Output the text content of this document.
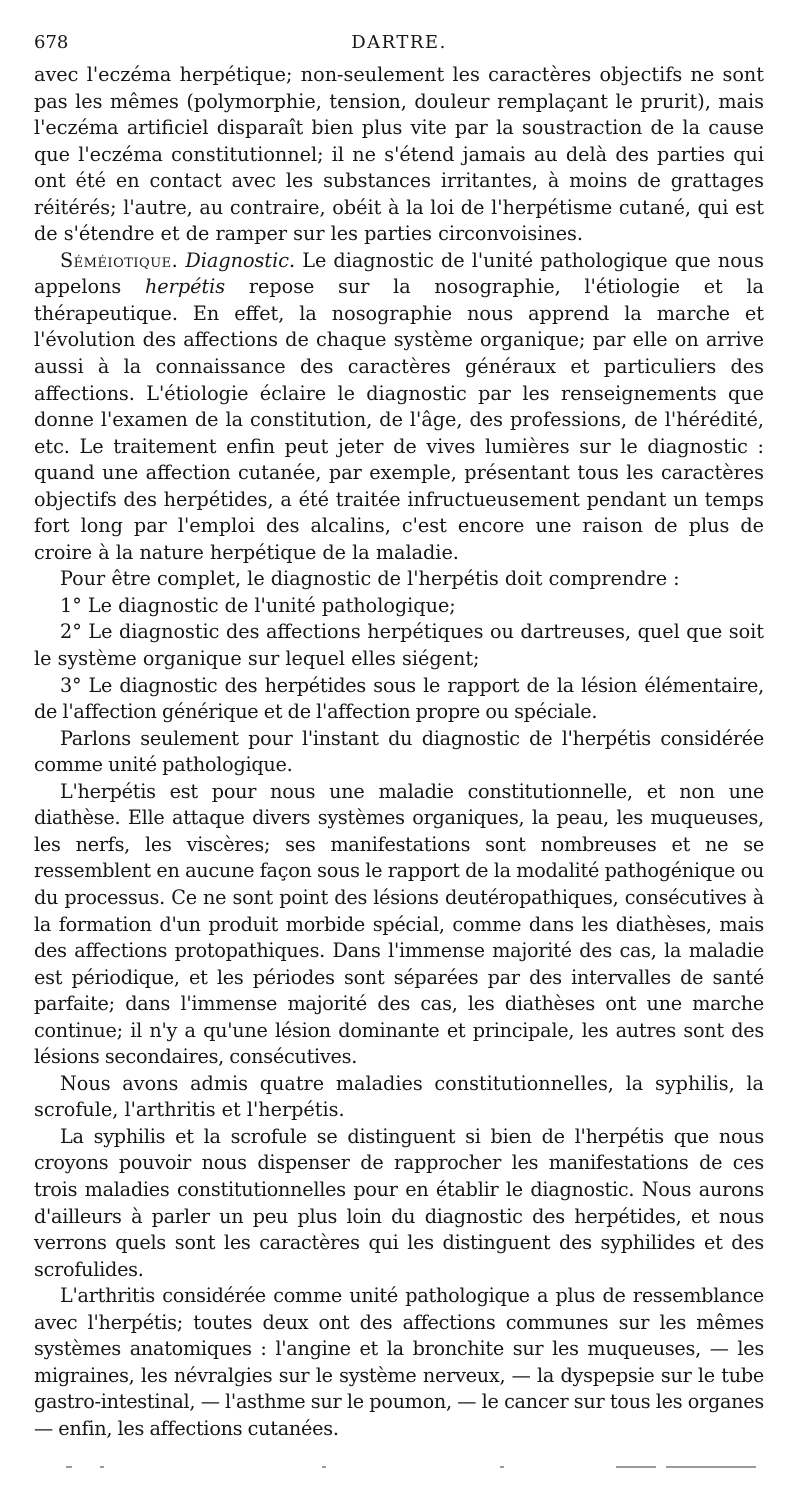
678	DARTRE.

avec l'eczéma herpétique; non-seulement les caractères objectifs ne sont pas les mêmes (polymorphie, tension, douleur remplaçant le prurit), mais l'eczéma artificiel disparaît bien plus vite par la soustraction de la cause que l'eczéma constitutionnel; il ne s'étend jamais au delà des parties qui ont été en contact avec les substances irritantes, à moins de grattages réitérés; l'autre, au contraire, obéit à la loi de l'herpétisme cutané, qui est de s'étendre et de ramper sur les parties circonvoisines.

Séméiotique. Diagnostic. Le diagnostic de l'unité pathologique que nous appelons herpétis repose sur la nosographie, l'étiologie et la thérapeutique. En effet, la nosographie nous apprend la marche et l'évolution des affections de chaque système organique; par elle on arrive aussi à la connaissance des caractères généraux et particuliers des affections. L'étiologie éclaire le diagnostic par les renseignements que donne l'examen de la constitution, de l'âge, des professions, de l'hérédité, etc. Le traitement enfin peut jeter de vives lumières sur le diagnostic : quand une affection cutanée, par exemple, présentant tous les caractères objectifs des herpétides, a été traitée infructueusement pendant un temps fort long par l'emploi des alcalins, c'est encore une raison de plus de croire à la nature herpétique de la maladie.

Pour être complet, le diagnostic de l'herpétis doit comprendre :

1° Le diagnostic de l'unité pathologique;

2° Le diagnostic des affections herpétiques ou dartreuses, quel que soit le système organique sur lequel elles siégent;

3° Le diagnostic des herpétides sous le rapport de la lésion élémentaire, de l'affection générique et de l'affection propre ou spéciale.

Parlons seulement pour l'instant du diagnostic de l'herpétis considérée comme unité pathologique.

L'herpétis est pour nous une maladie constitutionnelle, et non une diathèse. Elle attaque divers systèmes organiques, la peau, les muqueuses, les nerfs, les viscères; ses manifestations sont nombreuses et ne se ressemblent en aucune façon sous le rapport de la modalité pathogénique ou du processus. Ce ne sont point des lésions deutéropathiques, consécutives à la formation d'un produit morbide spécial, comme dans les diathèses, mais des affections protopathiques. Dans l'immense majorité des cas, la maladie est périodique, et les périodes sont séparées par des intervalles de santé parfaite; dans l'immense majorité des cas, les diathèses ont une marche continue; il n'y a qu'une lésion dominante et principale, les autres sont des lésions secondaires, consécutives.

Nous avons admis quatre maladies constitutionnelles, la syphilis, la scrofule, l'arthritis et l'herpétis.

La syphilis et la scrofule se distinguent si bien de l'herpétis que nous croyons pouvoir nous dispenser de rapprocher les manifestations de ces trois maladies constitutionnelles pour en établir le diagnostic. Nous aurons d'ailleurs à parler un peu plus loin du diagnostic des herpétides, et nous verrons quels sont les caractères qui les distinguent des syphilides et des scrofulides.

L'arthritis considérée comme unité pathologique a plus de ressemblance avec l'herpétis; toutes deux ont des affections communes sur les mêmes systèmes anatomiques : l'angine et la bronchite sur les muqueuses, — les migraines, les névralgies sur le système nerveux, — la dyspepsie sur le tube gastro-intestinal, — l'asthme sur le poumon, — le cancer sur tous les organes — enfin, les affections cutanées.
